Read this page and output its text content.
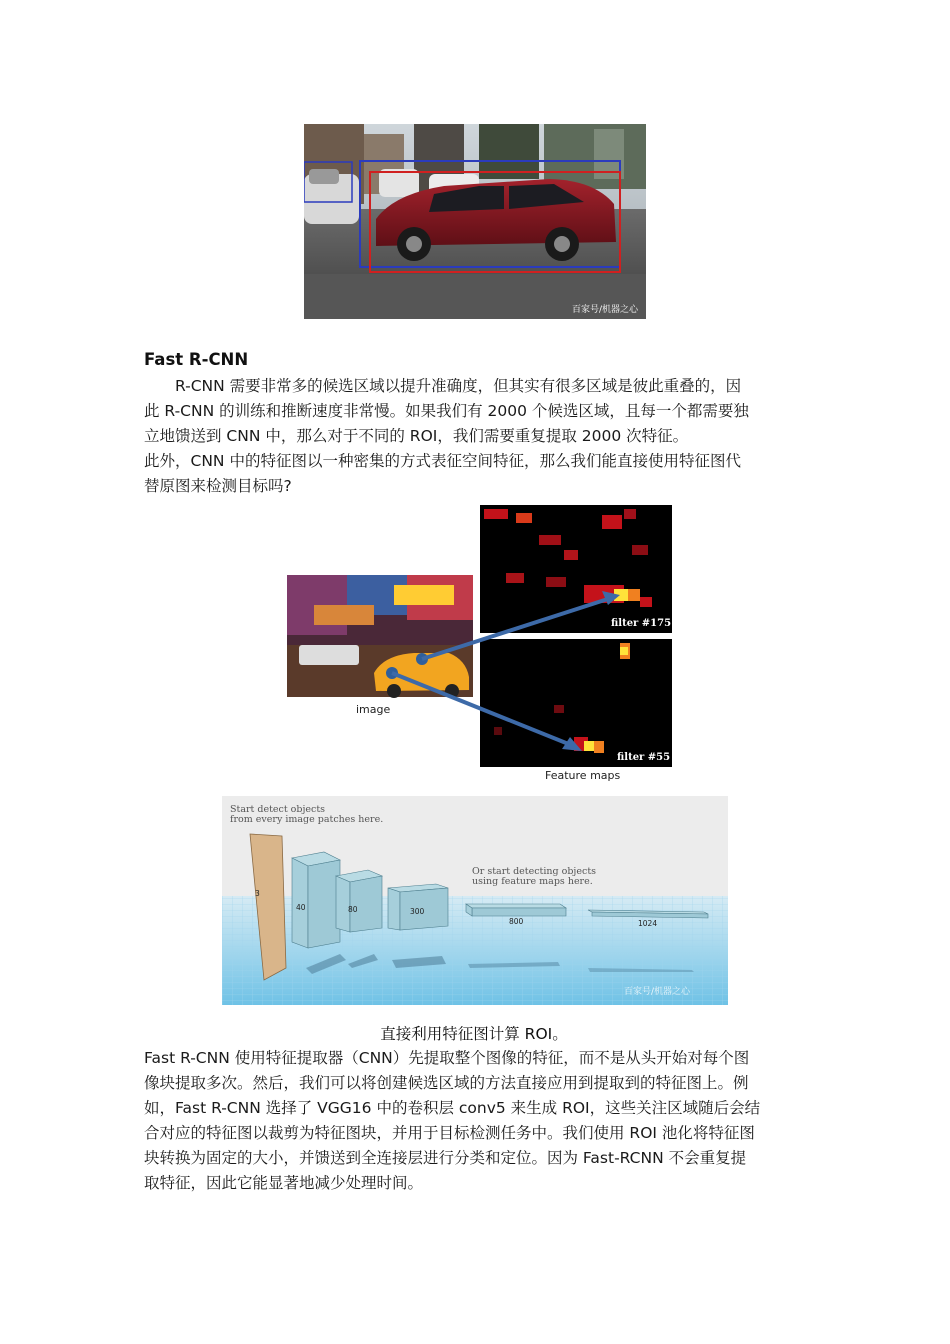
百家号/机器之心
Fast R-CNN
R-CNN 需要非常多的候选区域以提升准确度，但其实有很多区域是彼此重叠的，因
此 R-CNN 的训练和推断速度非常慢。如果我们有 2000 个候选区域，且每一个都需要独
立地馈送到 CNN 中，那么对于不同的 ROI，我们需要重复提取 2000 次特征。
此外，CNN 中的特征图以一种密集的方式表征空间特征，那么我们能直接使用特征图代
替原图来检测目标吗?
image
filter #175
filter #55
Feature maps
Start detect objects
from every image patches here.
Or start detecting objects
using feature maps here.
3
40	80	300
800	1024
百家号/机器之心
直接利用特征图计算 ROI。
Fast R-CNN 使用特征提取器（CNN）先提取整个图像的特征，而不是从头开始对每个图
像块提取多次。然后，我们可以将创建候选区域的方法直接应用到提取到的特征图上。例
如，Fast R-CNN 选择了 VGG16 中的卷积层 conv5 来生成 ROI，这些关注区域随后会结
合对应的特征图以裁剪为特征图块，并用于目标检测任务中。我们使用 ROI 池化将特征图
块转换为固定的大小，并馈送到全连接层进行分类和定位。因为 Fast-RCNN 不会重复提
取特征，因此它能显著地减少处理时间。
